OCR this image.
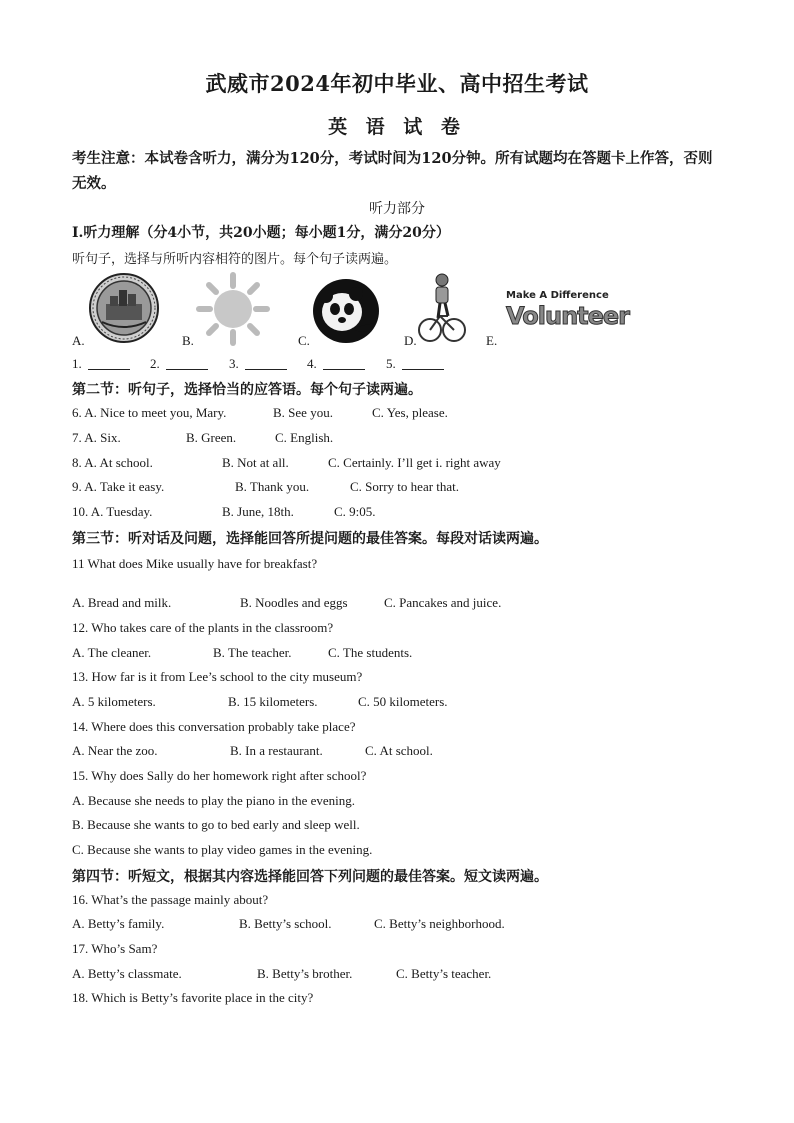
武威市2024年初中毕业、高中招生考试
英 语 试 卷
考生注意：本试卷含听力，满分为120分，考试时间为120分钟。所有试题均在答题卡上作答，否则无效。
听力部分
Ⅰ.听力理解（分4小节，共20小题；每小题1分，满分20分）
听句子，选择与所听内容相符的图片。每个句子读两遍。
Make A Difference
Volunteer
A.	B.	C.	D.	E.
1.	2.	3.	4.	5.
第二节：听句子，选择恰当的应答语。每个句子读两遍。
6. A. Nice to meet you, Mary.	B. See you.	C. Yes, please.
7. A. Six.	B. Green.	C. English.
8. A. At school.	B. Not at all.	C. Certainly. I’ll get i. right away
9. A. Take it easy.	B. Thank you.	C. Sorry to hear that.
10. A. Tuesday.	B. June, 18th.	C. 9:05.
第三节：听对话及问题，选择能回答所提问题的最佳答案。每段对话读两遍。
11 What does Mike usually have for breakfast?
A. Bread and milk.	B. Noodles and eggs	C. Pancakes and juice.
12. Who takes care of the plants in the classroom?
A. The cleaner.	B. The teacher.	C. The students.
13. How far is it from Lee’s school to the city museum?
A. 5 kilometers.	B. 15 kilometers.	C. 50 kilometers.
14. Where does this conversation probably take place?
A. Near the zoo.	B. In a restaurant.	C. At school.
15. Why does Sally do her homework right after school?
A. Because she needs to play the piano in the evening.
B. Because she wants to go to bed early and sleep well.
C. Because she wants to play video games in the evening.
第四节：听短文，根据其内容选择能回答下列问题的最佳答案。短文读两遍。
16. What’s the passage mainly about?
A. Betty’s family.	B. Betty’s school.	C. Betty’s neighborhood.
17. Who’s Sam?
A. Betty’s classmate.	B. Betty’s brother.	C. Betty’s teacher.
18. Which is Betty’s favorite place in the city?
